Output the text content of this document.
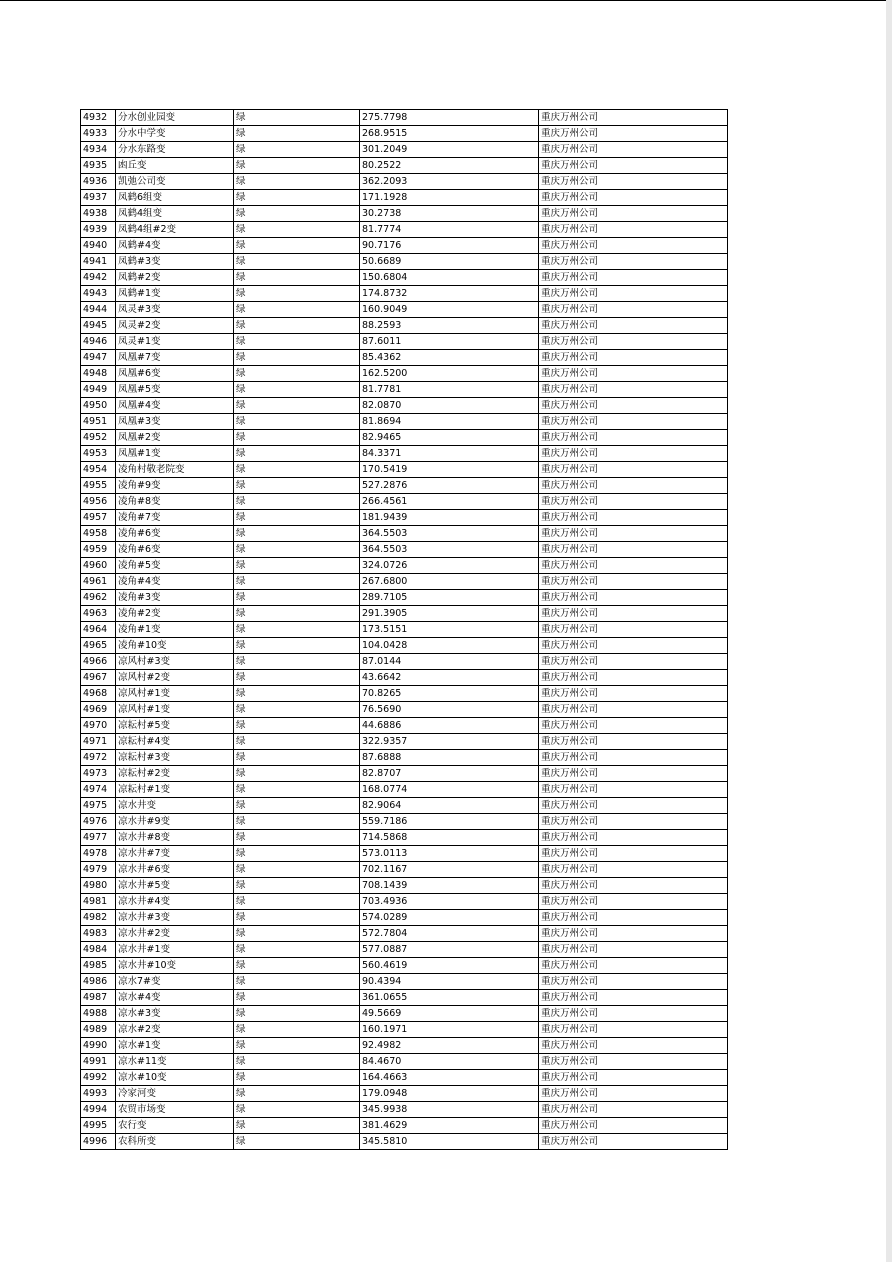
4932	分水创业园变	绿	275.7798	重庆万州公司
4933	分水中学变	绿	268.9515	重庆万州公司
4934	分水东路变	绿	301.2049	重庆万州公司
4935	凼丘变	绿	80.2522	重庆万州公司
4936	凯弛公司变	绿	362.2093	重庆万州公司
4937	凤鹤6组变	绿	171.1928	重庆万州公司
4938	凤鹤4组变	绿	30.2738	重庆万州公司
4939	凤鹤4组#2变	绿	81.7774	重庆万州公司
4940	凤鹤#4变	绿	90.7176	重庆万州公司
4941	凤鹤#3变	绿	50.6689	重庆万州公司
4942	凤鹤#2变	绿	150.6804	重庆万州公司
4943	凤鹤#1变	绿	174.8732	重庆万州公司
4944	凤灵#3变	绿	160.9049	重庆万州公司
4945	凤灵#2变	绿	88.2593	重庆万州公司
4946	凤灵#1变	绿	87.6011	重庆万州公司
4947	凤凰#7变	绿	85.4362	重庆万州公司
4948	凤凰#6变	绿	162.5200	重庆万州公司
4949	凤凰#5变	绿	81.7781	重庆万州公司
4950	凤凰#4变	绿	82.0870	重庆万州公司
4951	凤凰#3变	绿	81.8694	重庆万州公司
4952	凤凰#2变	绿	82.9465	重庆万州公司
4953	凤凰#1变	绿	84.3371	重庆万州公司
4954	凌角村敬老院变	绿	170.5419	重庆万州公司
4955	凌角#9变	绿	527.2876	重庆万州公司
4956	凌角#8变	绿	266.4561	重庆万州公司
4957	凌角#7变	绿	181.9439	重庆万州公司
4958	凌角#6变	绿	364.5503	重庆万州公司
4959	凌角#6变	绿	364.5503	重庆万州公司
4960	凌角#5变	绿	324.0726	重庆万州公司
4961	凌角#4变	绿	267.6800	重庆万州公司
4962	凌角#3变	绿	289.7105	重庆万州公司
4963	凌角#2变	绿	291.3905	重庆万州公司
4964	凌角#1变	绿	173.5151	重庆万州公司
4965	凌角#10变	绿	104.0428	重庆万州公司
4966	凉风村#3变	绿	87.0144	重庆万州公司
4967	凉风村#2变	绿	43.6642	重庆万州公司
4968	凉风村#1变	绿	70.8265	重庆万州公司
4969	凉风村#1变	绿	76.5690	重庆万州公司
4970	凉耘村#5变	绿	44.6886	重庆万州公司
4971	凉耘村#4变	绿	322.9357	重庆万州公司
4972	凉耘村#3变	绿	87.6888	重庆万州公司
4973	凉耘村#2变	绿	82.8707	重庆万州公司
4974	凉耘村#1变	绿	168.0774	重庆万州公司
4975	凉水井变	绿	82.9064	重庆万州公司
4976	凉水井#9变	绿	559.7186	重庆万州公司
4977	凉水井#8变	绿	714.5868	重庆万州公司
4978	凉水井#7变	绿	573.0113	重庆万州公司
4979	凉水井#6变	绿	702.1167	重庆万州公司
4980	凉水井#5变	绿	708.1439	重庆万州公司
4981	凉水井#4变	绿	703.4936	重庆万州公司
4982	凉水井#3变	绿	574.0289	重庆万州公司
4983	凉水井#2变	绿	572.7804	重庆万州公司
4984	凉水井#1变	绿	577.0887	重庆万州公司
4985	凉水井#10变	绿	560.4619	重庆万州公司
4986	凉水7#变	绿	90.4394	重庆万州公司
4987	凉水#4变	绿	361.0655	重庆万州公司
4988	凉水#3变	绿	49.5669	重庆万州公司
4989	凉水#2变	绿	160.1971	重庆万州公司
4990	凉水#1变	绿	92.4982	重庆万州公司
4991	凉水#11变	绿	84.4670	重庆万州公司
4992	凉水#10变	绿	164.4663	重庆万州公司
4993	冷家河变	绿	179.0948	重庆万州公司
4994	农贸市场变	绿	345.9938	重庆万州公司
4995	农行变	绿	381.4629	重庆万州公司
4996	农科所变	绿	345.5810	重庆万州公司
